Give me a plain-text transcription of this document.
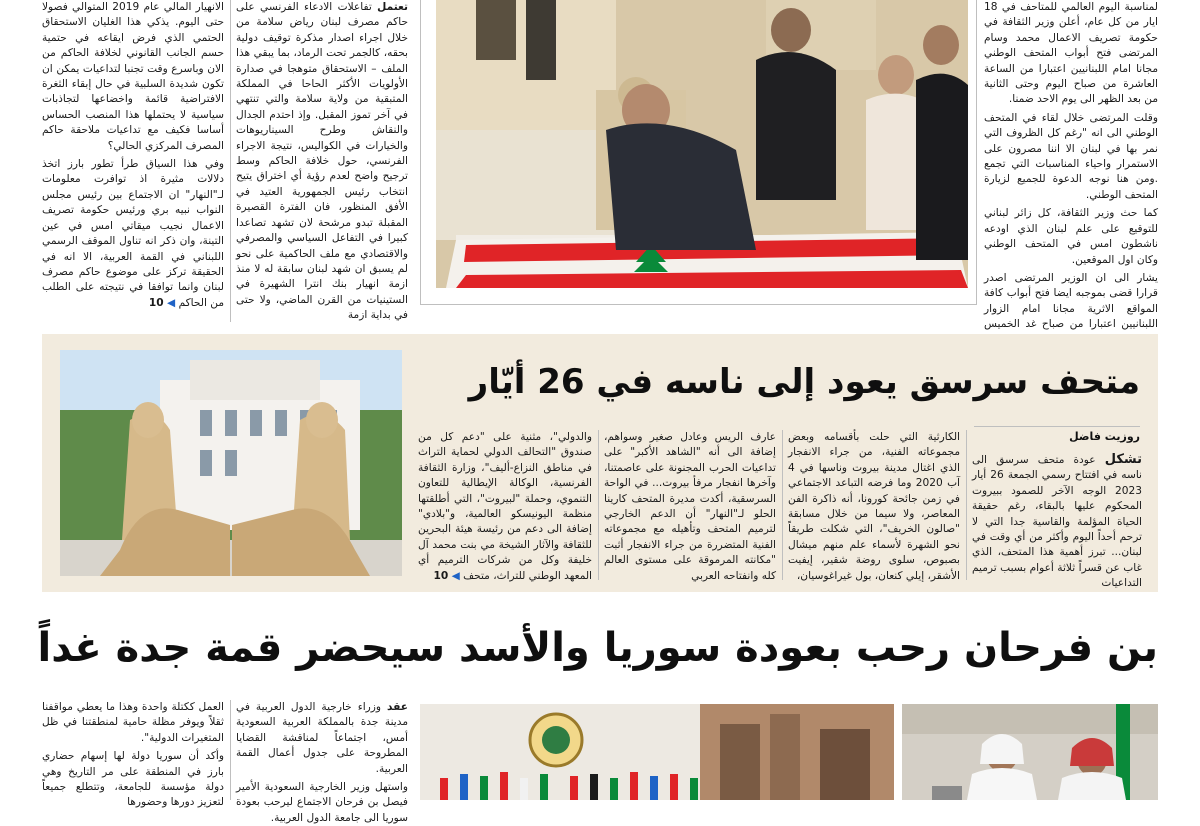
الانهيار المالي عام 2019 المتوالي فصولا حتى اليوم. يذكي هذا الغليان الاستحقاق الحتمي الذي فرض ايقاعه في حتمية حسم الجانب القانوني لخلافة الحاكم من الان وباسرع وقت تجنبا لتداعيات يمكن ان تكون شديدة السلبية في حال إبقاء الثغرة الافتراضية قائمة واخضاعها لتجاذبات سياسية لا يحتملها هذا المنصب الحساس أساسا فكيف مع تداعيات ملاحقة حاكم المصرف المركزي الحالي؟

وفي هذا السياق طرأ تطور بارز اتخذ دلالات مثيرة اذ توافرت معلومات لـ"النهار" ان الاجتماع بين رئيس مجلس النواب نبيه بري ورئيس حكومة تصريف الاعمال نجيب ميقاتي امس في عين التينة، وان ذكر انه تناول الموقف الرسمي اللبناني في القمة العربية، الا انه في الحقيقة تركز على موضوع حاكم مصرف لبنان وانما توافقا في نتيجته على الطلب من الحاكم ◀ 10

تعتمل تفاعلات الادعاء الفرنسي على حاكم مصرف لبنان رياض سلامة من خلال اجراء اصدار مذكرة توقيف دولية بحقه، كالجمر تحت الرماد، بما يبقي هذا الملف – الاستحقاق متوهجا في صدارة الأولويات الأكثر الحاحا في المملكة المتبقية من ولاية سلامة والتي تنتهي في آخر تموز المقبل. وإذ احتدم الجدال والنقاش وطرح السيناريوهات والخيارات في الكواليس، نتيجة الاجراء الفرنسي، حول خلافة الحاكم وسط ترجيح واضح لعدم رؤية أي اختراق يتيح انتخاب رئيس الجمهورية العتيد في الأفق المنظور، فان الفترة القصيرة المقبلة تبدو مرشحة لان تشهد تصاعدا كبيرا في التفاعل السياسي والمصرفي والاقتصادي مع ملف الحاكمية على نحو لم يسبق ان شهد لبنان سابقة له لا منذ ازمة انهيار بنك انترا الشهيرة في الستينيات من القرن الماضي، ولا حتى في بداية ازمة

لمناسبة اليوم العالمي للمتاحف في 18 ايار من كل عام، أعلن وزير الثقافة في حكومة تصريف الاعمال محمد وسام المرتضى فتح أبواب المتحف الوطني مجانا امام اللبنانيين اعتبارا من الساعة العاشرة من صباح اليوم وحتى الثانية من بعد الظهر الى يوم الاحد ضمنا.

وقلت المرتضى خلال لقاء في المتحف الوطني الى انه "رغم كل الظروف التي نمر بها في لبنان الا اننا مصرون على الاستمرار واحياء المناسبات التي تجمع .ومن هنا نوجه الدعوة للجميع لزيارة المتحف الوطني.

كما حث وزير الثقافة، كل زائر لبناني للتوقيع على علم لبنان الذي اودعه ناشطون امس في المتحف الوطني وكان اول الموقعين.

يشار الى ان الوزير المرتضى اصدر قرارا قضى بموجبه ايضا فتح أبواب كافة المواقع الاثرية مجانا امام الزوار اللبنانيين اعتبارا من صباح غد الخميس

متحف سرسق يعود إلى ناسه في 26 أيّار
روزيت فاضل

تشكل عودة متحف سرسق الى ناسه في افتتاح رسمي الجمعة 26 أيار 2023 الوجه الآخر للصمود ببيروت المحكوم عليها بالبقاء، رغم حقيقة الحياة المؤلمة والقاسية جدا التي لا ترحم أحداً اليوم وأكثر من أي وقت في لبنان... تبرز أهمية هذا المتحف، الذي غاب عن قسراً ثلاثة أعوام بسبب ترميم التداعيات

الكارثية التي حلت بأقسامه وبعض مجموعاته الفنية، من جراء الانفجار الذي اغتال مدينة بيروت وناسها في 4 آب 2020 وما فرضه التباعد الاجتماعي في زمن جائحة كورونا، أنه ذاكرة الفن المعاصر، ولا سيما من خلال مسابقة "صالون الخريف"، التي شكلت طريقاً نحو الشهرة لأسماء علم منهم ميشال بصبوص، سلوى روضة شقير، إيفيت الأشقر، إيلي كنعان، بول غيراغوسيان،

عارف الريس وعادل صغير وسواهم، إضافة الى أنه "الشاهد الأكبر" على تداعيات الحرب المجنونة على عاصمتنا، وآخرها انفجار مرفأ بيروت... في الواحة السرسقية، أكدت مديرة المتحف كارينا الحلو لـ"النهار" أن الدعم الخارجي لترميم المتحف وتأهيله مع مجموعاته الفنية المتضررة من جراء الانفجار أثبت "مكانته المرموقة على مستوى العالم كله وانفتاحه العربي

والدولي"، مثنية على "دعم كل من صندوق "التحالف الدولي لحماية التراث في مناطق النزاع-أليف"، وزارة الثقافة الفرنسية، الوكالة الإيطالية للتعاون التنموي، وحملة "لبيروت"، التي أطلقتها منظمة اليونيسكو العالمية، و"بلادي" إضافة الى دعم من رئيسة هيئة البحرين للثقافة والآثار الشيخة مي بنت محمد آل خليفة وكل من شركات الترميم أي المعهد الوطني للتراث، متحف ◀ 10

بن فرحان رحب بعودة سوريا والأسد سيحضر قمة جدة غداً

العمل ككتلة واحدة وهذا ما يعطي مواقفنا ثقلاً ويوفر مظلة حامية لمنطقتنا في ظل المتغيرات الدولية".

وأكد أن سوريا دولة لها إسهام حضاري بارز في المنطقة على مر التاريخ وهي دولة مؤسسة للجامعة، وتتطلع جميعاً لتعزيز دورها وحضورها

عقد وزراء خارجية الدول العربية في مدينة جدة بالمملكة العربية السعودية أمس، اجتماعاً لمناقشة القضايا المطروحة على جدول أعمال القمة العربية.

واستهل وزير الخارجية السعودية الأمير فيصل بن فرحان الاجتماع ليرحب بعودة سوريا الى جامعة الدول العربية.
